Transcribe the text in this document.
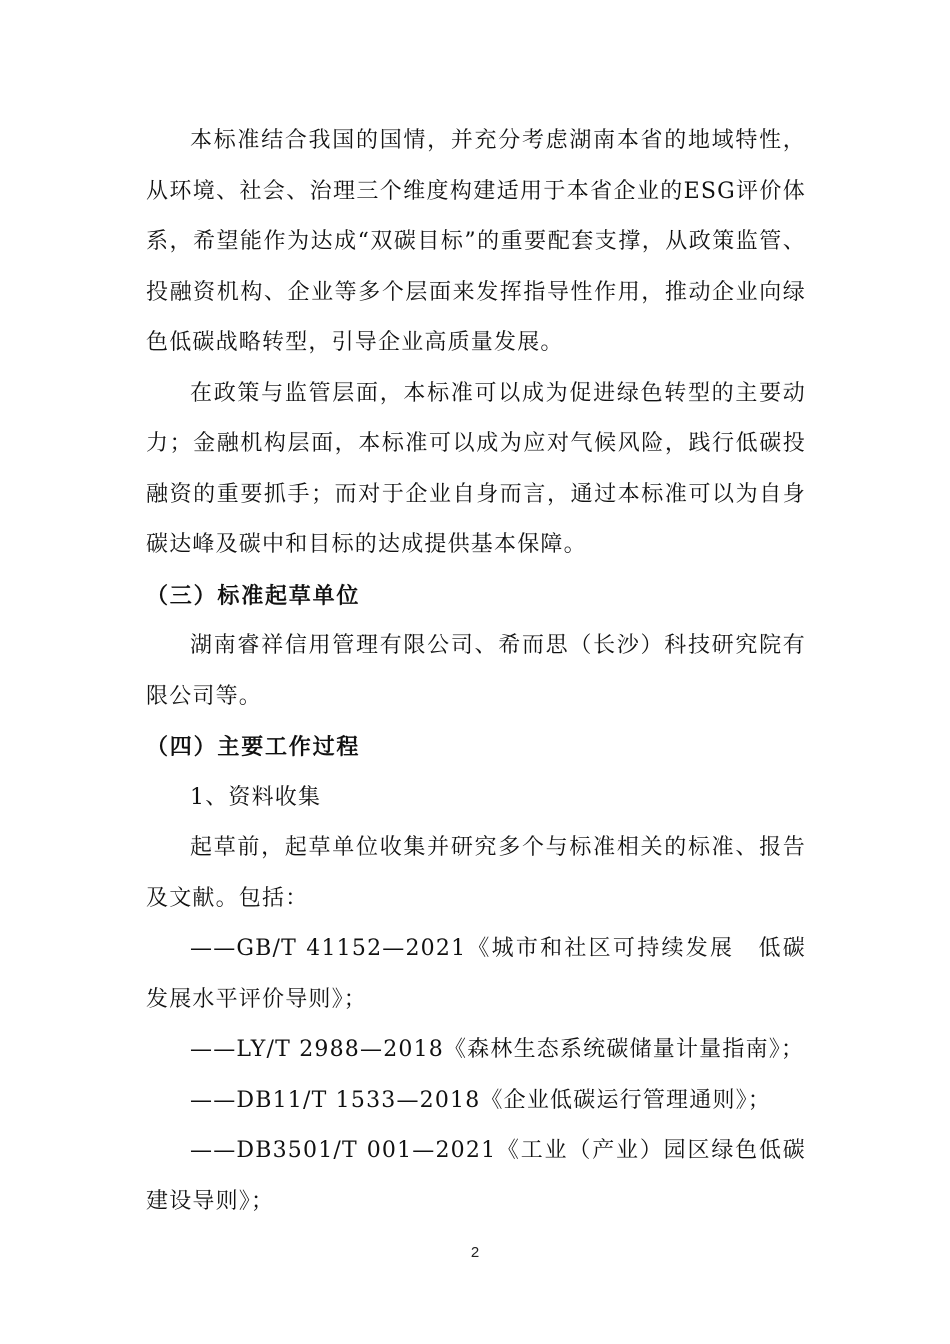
本标准结合我国的国情，并充分考虑湖南本省的地域特性，从环境、社会、治理三个维度构建适用于本省企业的ESG评价体系，希望能作为达成“双碳目标”的重要配套支撑，从政策监管、投融资机构、企业等多个层面来发挥指导性作用，推动企业向绿色低碳战略转型，引导企业高质量发展。

在政策与监管层面，本标准可以成为促进绿色转型的主要动力；金融机构层面，本标准可以成为应对气候风险，践行低碳投融资的重要抓手；而对于企业自身而言，通过本标准可以为自身碳达峰及碳中和目标的达成提供基本保障。

（三）标准起草单位

湖南睿祥信用管理有限公司、希而思（长沙）科技研究院有限公司等。

（四）主要工作过程

1、资料收集

起草前，起草单位收集并研究多个与标准相关的标准、报告及文献。包括：

——GB/T 41152—2021《城市和社区可持续发展　低碳发展水平评价导则》；

——LY/T 2988—2018《森林生态系统碳储量计量指南》；

——DB11/T 1533—2018《企业低碳运行管理通则》；

——DB3501/T 001—2021《工业（产业）园区绿色低碳建设导则》；

2
